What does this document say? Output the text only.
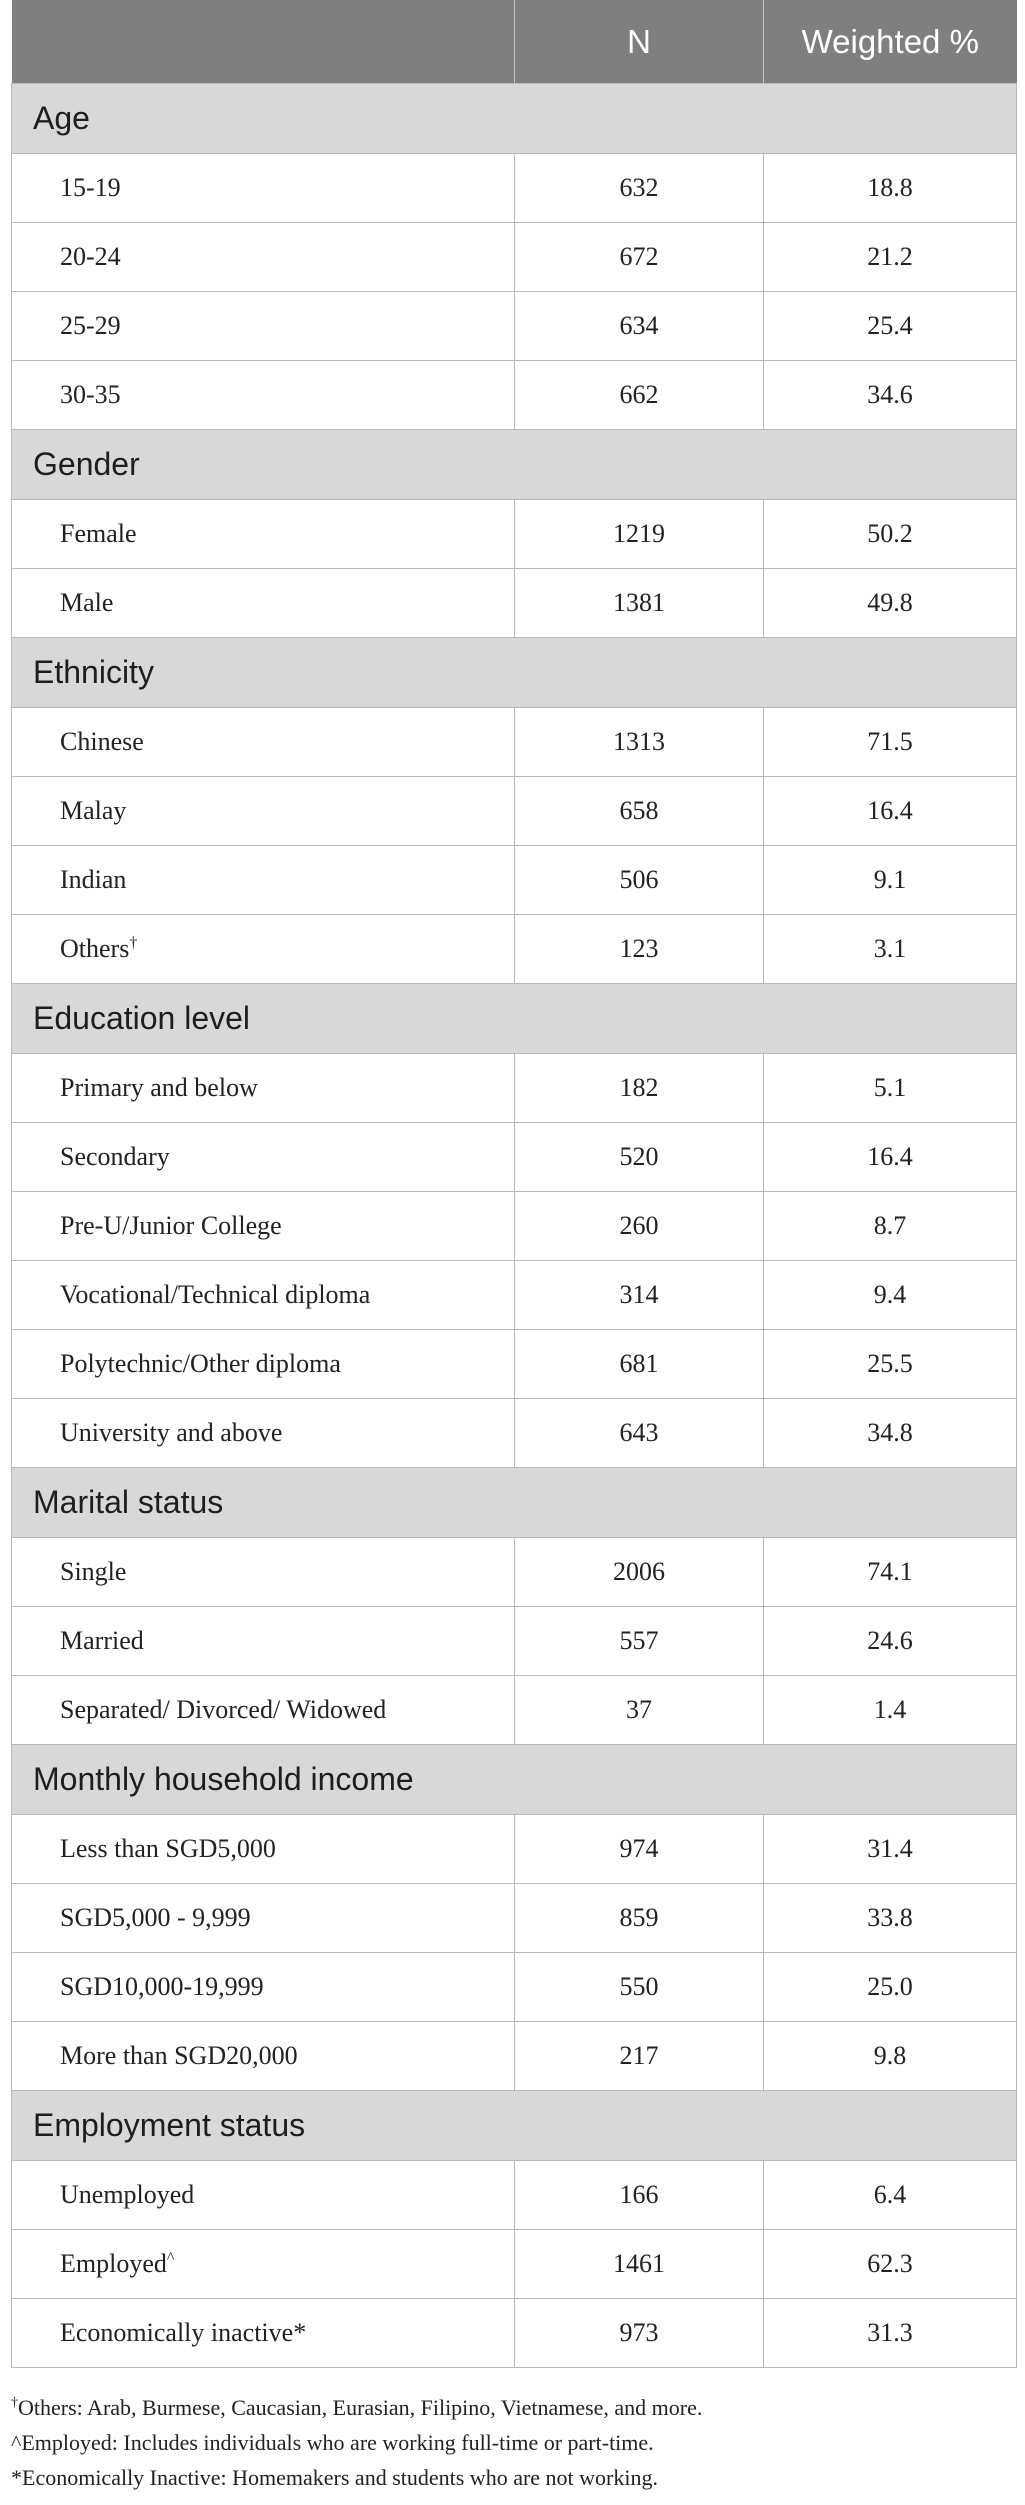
	N	Weighted %
Age		
15-19	632	18.8
20-24	672	21.2
25-29	634	25.4
30-35	662	34.6
Gender		
Female	1219	50.2
Male	1381	49.8
Ethnicity		
Chinese	1313	71.5
Malay	658	16.4
Indian	506	9.1
Others†	123	3.1
Education level		
Primary and below	182	5.1
Secondary	520	16.4
Pre-U/Junior College	260	8.7
Vocational/Technical diploma	314	9.4
Polytechnic/Other diploma	681	25.5
University and above	643	34.8
Marital status		
Single	2006	74.1
Married	557	24.6
Separated/ Divorced/ Widowed	37	1.4
Monthly household income		
Less than SGD5,000	974	31.4
SGD5,000 - 9,999	859	33.8
SGD10,000-19,999	550	25.0
More than SGD20,000	217	9.8
Employment status		
Unemployed	166	6.4
Employed^	1461	62.3
Economically inactive*	973	31.3
†Others: Arab, Burmese, Caucasian, Eurasian, Filipino, Vietnamese, and more.
^Employed: Includes individuals who are working full-time or part-time.
*Economically Inactive: Homemakers and students who are not working.
